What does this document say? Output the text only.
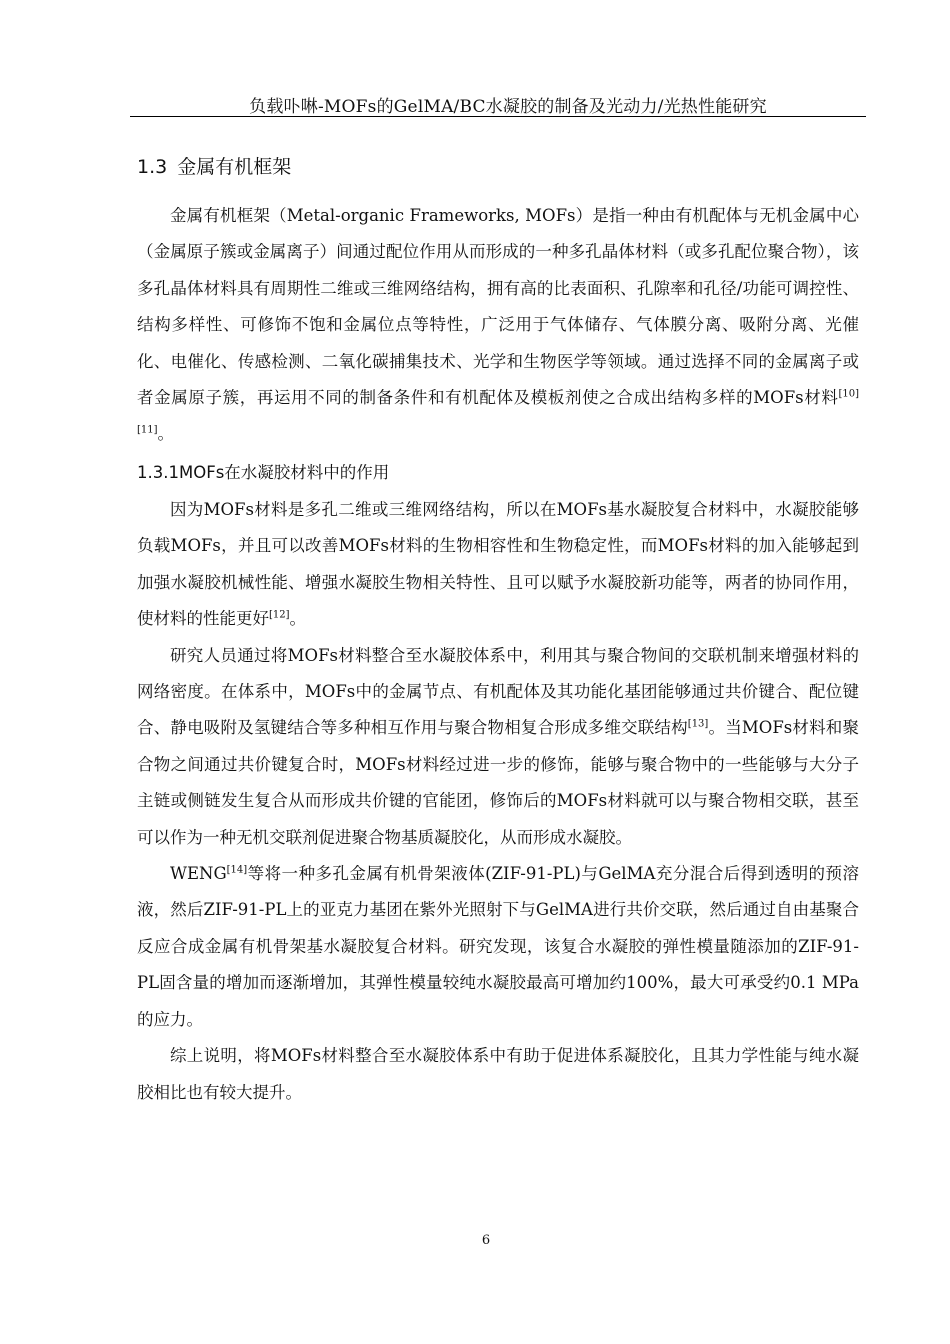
负载卟啉-MOFs的GelMA/BC水凝胶的制备及光动力/光热性能研究
1.3 金属有机框架

金属有机框架（Metal-organic Frameworks, MOFs）是指一种由有机配体与无机金属中心（金属原子簇或金属离子）间通过配位作用从而形成的一种多孔晶体材料（或多孔配位聚合物），该多孔晶体材料具有周期性二维或三维网络结构，拥有高的比表面积、孔隙率和孔径/功能可调控性、结构多样性、可修饰不饱和金属位点等特性，广泛用于气体储存、气体膜分离、吸附分离、光催化、电催化、传感检测、二氧化碳捕集技术、光学和生物医学等领域。通过选择不同的金属离子或者金属原子簇，再运用不同的制备条件和有机配体及模板剂使之合成出结构多样的MOFs材料[10][11]。

1.3.1MOFs在水凝胶材料中的作用

因为MOFs材料是多孔二维或三维网络结构，所以在MOFs基水凝胶复合材料中，水凝胶能够负载MOFs，并且可以改善MOFs材料的生物相容性和生物稳定性，而MOFs材料的加入能够起到加强水凝胶机械性能、增强水凝胶生物相关特性、且可以赋予水凝胶新功能等，两者的协同作用，使材料的性能更好[12]。

研究人员通过将MOFs材料整合至水凝胶体系中，利用其与聚合物间的交联机制来增强材料的网络密度。在体系中，MOFs中的金属节点、有机配体及其功能化基团能够通过共价键合、配位键合、静电吸附及氢键结合等多种相互作用与聚合物相复合形成多维交联结构[13]。当MOFs材料和聚合物之间通过共价键复合时，MOFs材料经过进一步的修饰，能够与聚合物中的一些能够与大分子主链或侧链发生复合从而形成共价键的官能团，修饰后的MOFs材料就可以与聚合物相交联，甚至可以作为一种无机交联剂促进聚合物基质凝胶化，从而形成水凝胶。

WENG[14]等将一种多孔金属有机骨架液体(ZIF-91-PL)与GelMA充分混合后得到透明的预溶液，然后ZIF-91-PL上的亚克力基团在紫外光照射下与GelMA进行共价交联，然后通过自由基聚合反应合成金属有机骨架基水凝胶复合材料。研究发现，该复合水凝胶的弹性模量随添加的ZIF-91-PL固含量的增加而逐渐增加，其弹性模量较纯水凝胶最高可增加约100%，最大可承受约0.1 MPa的应力。

综上说明，将MOFs材料整合至水凝胶体系中有助于促进体系凝胶化，且其力学性能与纯水凝胶相比也有较大提升。

6
